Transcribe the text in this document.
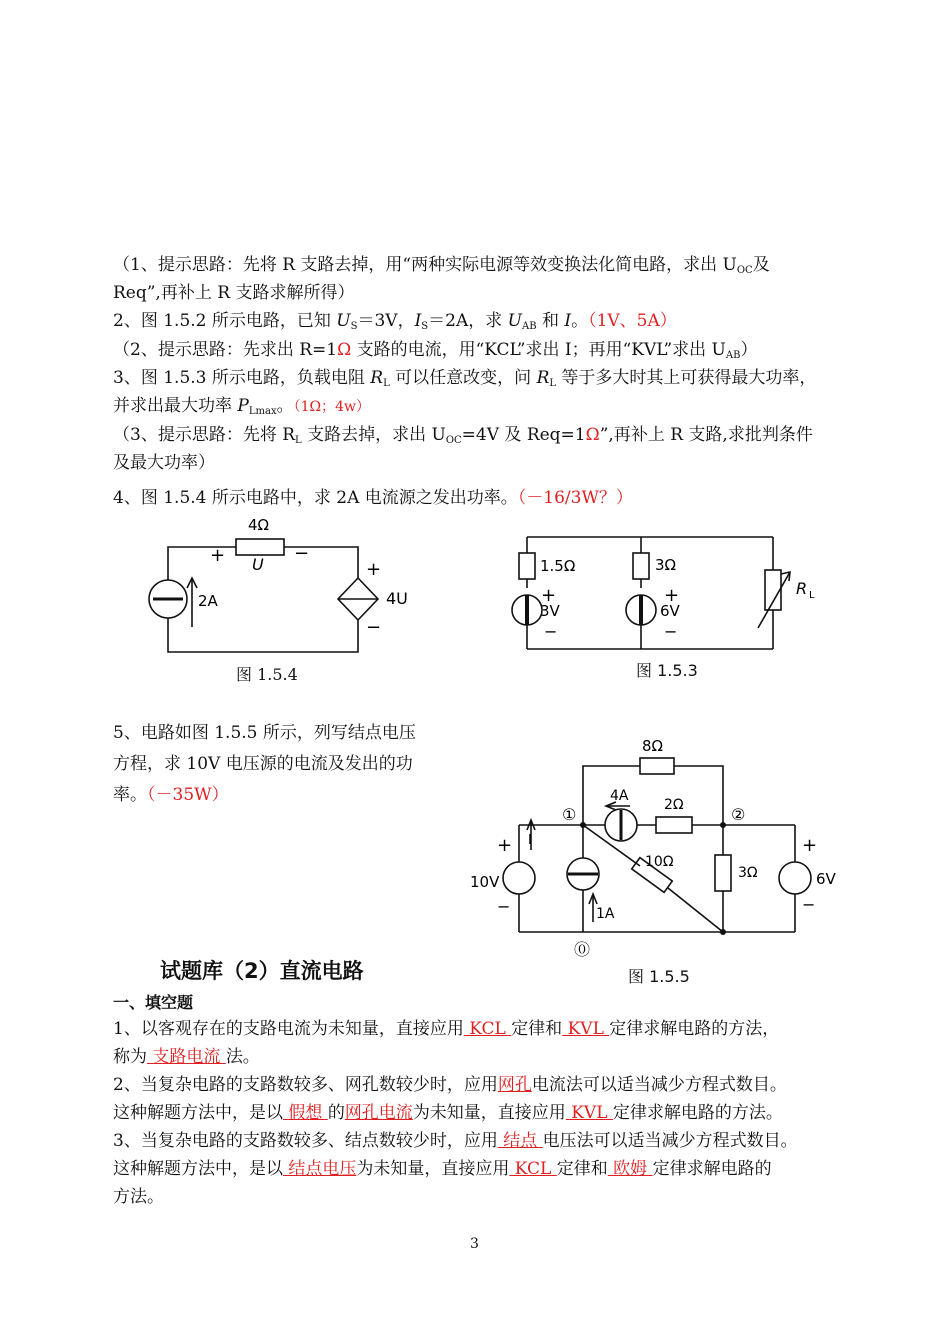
（1、提示思路：先将 R 支路去掉，用“两种实际电源等效变换法化简电路，求出 $U_{OC}$及
Req”,再补上 R 支路求解所得）
2、图 1.5.2 所示电路，已知 $U_S=3V$，$I_S=2A$，求 $U_{AB}$ 和 I。（1V、5A）
（2、提示思路：先求出 R=1Ω 支路的电流，用“KCL”求出 I；再用“KVL”求出 $U_{AB}$）
3、图 1.5.3 所示电路，负载电阻 $R_L$ 可以任意改变，问 $R_L$ 等于多大时其上可获得最大功率，
并求出最大功率 $P_{Lmax}$。（1Ω；4w）
（3、提示思路：先将 $R_L$ 支路去掉，求出 $U_{OC}=4V$ 及 Req=1Ω”,再补上 R 支路,求批判条件
及最大功率）
4、图 1.5.4 所示电路中，求 2A 电流源之发出功率。（－16/3W？）
4Ω
U
+	−
2A
+
−
4U
1.5Ω	3Ω
+
3V
−
+
6V
−
R L
8Ω
4A
2Ω
10Ω
3Ω
10V
+
−
I
1A
+
6V
−
①	②
⓪
图 1.5.4	图 1.5.3
5、电路如图 1.5.5 所示，列写结点电压
方程，求 10V 电压源的电流及发出的功
率。（－35W）
图 1.5.5
试题库（2）直流电路
一、填空题
1、以客观存在的支路电流为未知量，直接应用 KCL 定律和 KVL 定律求解电路的方法，
称为 支路电流 法。
2、当复杂电路的支路数较多、网孔数较少时，应用网孔电流法可以适当减少方程式数目。
这种解题方法中，是以 假想 的网孔电流为未知量，直接应用 KVL 定律求解电路的方法。
3、当复杂电路的支路数较多、结点数较少时，应用 结点 电压法可以适当减少方程式数目。
这种解题方法中，是以 结点电压为未知量，直接应用 KCL 定律和 欧姆 定律求解电路的
方法。
3
